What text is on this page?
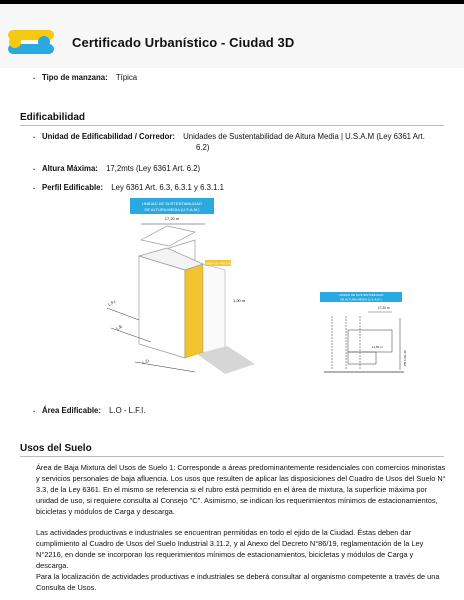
Certificado Urbanístico - Ciudad 3D
. Tipo de manzana: Típica
Edificabilidad
. Unidad de Edificabilidad / Corredor: Unidades de Sustentabilidad de Altura Media | U.S.A.M (Ley 6361 Art.
6.2)
. Altura Máxima: 17,2mts (Ley 6361 Art. 6.2)
. Perfil Edificable: Ley 6361 Art. 6.3, 6.3.1 y 6.3.1.1
UNIDAD DE SUSTENTABILIDAD
DE ALTURA MEDIA (U.S.A.M.)
17,20 m
LÍNEA DE FRENTE
1,00 m
L.F.I.
L.E.
L.O.
UNIDAD DE SUSTENTABILIDAD
DE ALTURA MEDIA (U.S.A.M.)
17,20 m
11,50 m
PB A DE 30
. Área Edificable: L.O - L.F.I.
Usos del Suelo

Área de Baja Mixtura del Usos de Suelo 1: Corresponde a áreas predominantemente residenciales con comercios minoristas y servicios personales de baja afluencia. Los usos que resulten de aplicar las disposiciones del Cuadro de Usos del Suelo N° 3.3, de la Ley 6361. En el mismo se referencia si el rubro está permitido en el área de mixtura, la superficie máxima por unidad de uso, si requiere consulta al Consejo "C". Asimismo, se indican los requerimientos mínimos de estacionamientos, bicicletas y módulos de Carga y descarga.

Las actividades productivas e industriales se encuentran permitidas en todo el ejido de la Ciudad. Éstas deben dar cumplimiento al Cuadro de Usos del Suelo Industrial 3.11.2, y al Anexo del Decreto N°86/19, reglamentación de la Ley N°2216, en donde se incorporan los requerimientos mínimos de estacionamientos, bicicletas y módulos de Carga y descarga.

Para la localización de actividades productivas e industriales se deberá consultar al organismo competente a través de una Consulta de Usos.
